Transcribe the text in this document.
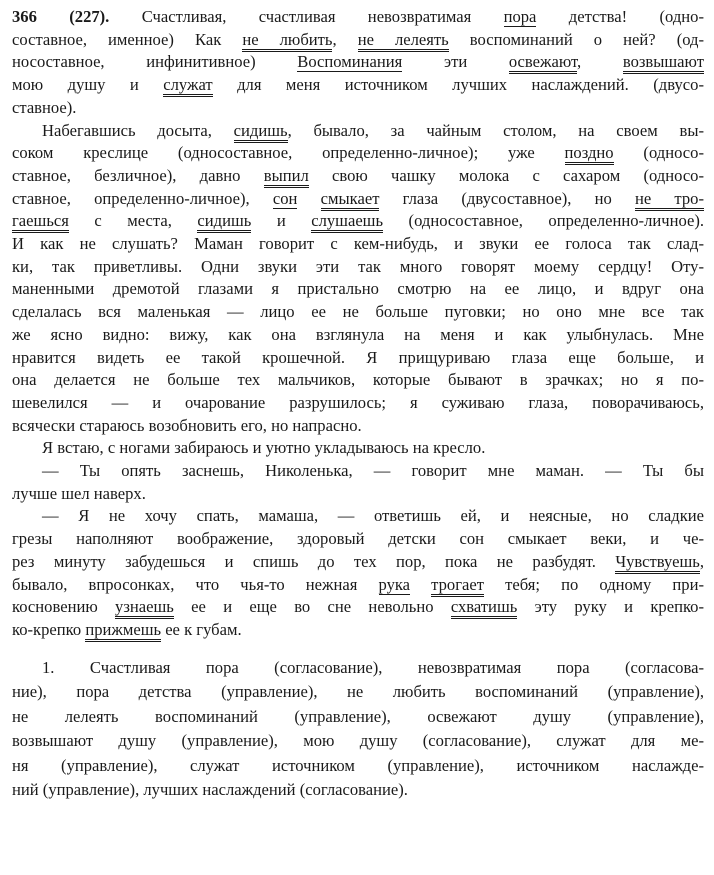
366 (227). Счастливая, счастливая невозвратимая пора детства! (одно-
составное, именное) Как не любить, не лелеять воспоминаний о ней? (од-
носоставное, инфинитивное) Воспоминания эти освежают, возвышают
мою душу и служат для меня источником лучших наслаждений. (двусо-
ставное).
Набегавшись досыта, сидишь, бывало, за чайным столом, на своем вы-
соком креслице (односоставное, определенно-личное); уже поздно (односо-
ставное, безличное), давно выпил свою чашку молока с сахаром (односо-
ставное, определенно-личное), сон смыкает глаза (двусоставное), но не тро-
гаешься с места, сидишь и слушаешь (односоставное, определенно-личное).
И как не слушать? Маман говорит с кем-нибудь, и звуки ее голоса так слад-
ки, так приветливы. Одни звуки эти так много говорят моему сердцу! Оту-
маненными дремотой глазами я пристально смотрю на ее лицо, и вдруг она
сделалась вся маленькая — лицо ее не больше пуговки; но оно мне все так
же ясно видно: вижу, как она взглянула на меня и как улыбнулась. Мне
нравится видеть ее такой крошечной. Я прищуриваю глаза еще больше, и
она делается не больше тех мальчиков, которые бывают в зрачках; но я по-
шевелился — и очарование разрушилось; я суживаю глаза, поворачиваюсь,
всячески стараюсь возобновить его, но напрасно.
Я встаю, с ногами забираюсь и уютно укладываюсь на кресло.
— Ты опять заснешь, Николенька, — говорит мне маман. — Ты бы
лучше шел наверх.
— Я не хочу спать, мамаша, — ответишь ей, и неясные, но сладкие
грезы наполняют воображение, здоровый детски сон смыкает веки, и че-
рез минуту забудешься и спишь до тех пор, пока не разбудят. Чувствуешь,
бывало, впросонках, что чья-то нежная рука трогает тебя; по одному при-
косновению узнаешь ее и еще во сне невольно схватишь эту руку и крепко-
ко-крепко прижмешь ее к губам.
1. Счастливая пора (согласование), невозвратимая пора (согласова-
ние), пора детства (управление), не любить воспоминаний (управление),
не лелеять воспоминаний (управление), освежают душу (управление),
возвышают душу (управление), мою душу (согласование), служат для ме-
ня (управление), служат источником (управление), источником наслажде-
ний (управление), лучших наслаждений (согласование).
